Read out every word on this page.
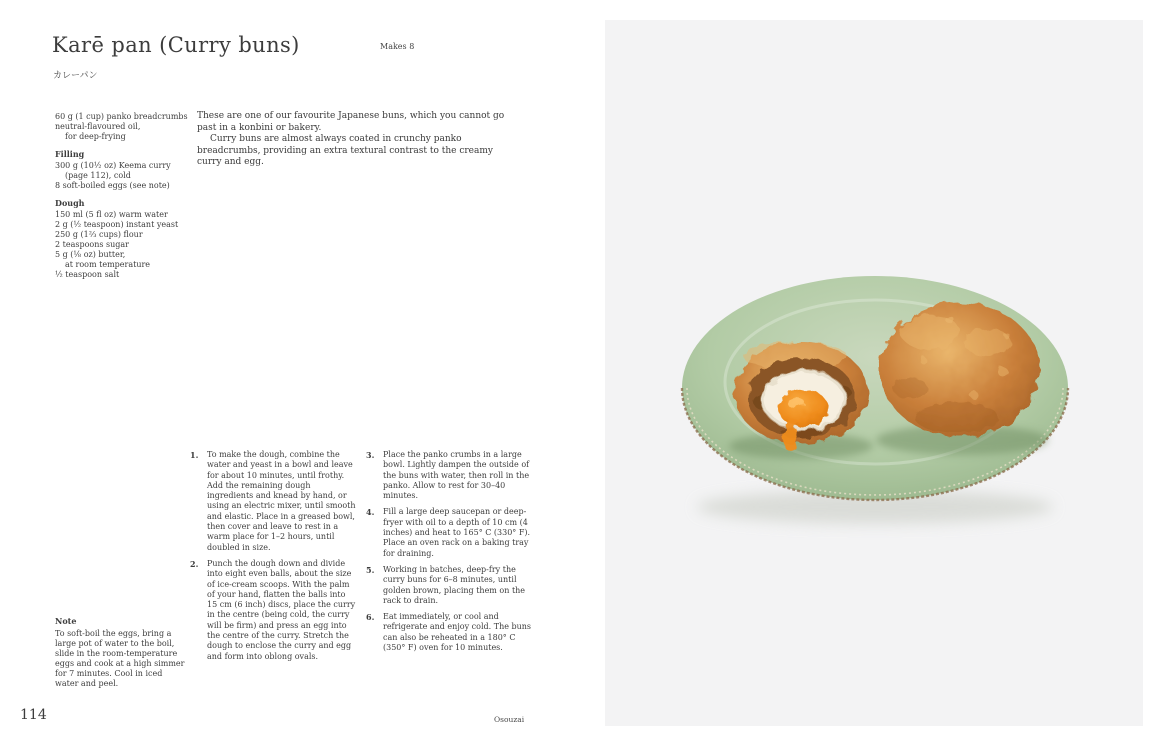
Karē pan (Curry buns)	Makes 8
カレーパン
60 g (1 cup) panko breadcrumbs
neutral-flavoured oil,
for deep-frying
Filling
300 g (10½ oz) Keema curry
(page 112), cold
8 soft-boiled eggs (see note)
Dough
150 ml (5 fl oz) warm water
2 g (½ teaspoon) instant yeast
250 g (1⅔ cups) flour
2 teaspoons sugar
5 g (⅛ oz) butter,
at room temperature
½ teaspoon salt

These are one of our favourite Japanese buns, which you cannot go past in a konbini or bakery.

Curry buns are almost always coated in crunchy panko breadcrumbs, providing an extra textural contrast to the creamy curry and egg.

1.	To make the dough, combine the water and yeast in a bowl and leave for about 10 minutes, until frothy. Add the remaining dough ingredients and knead by hand, or using an electric mixer, until smooth and elastic. Place in a greased bowl, then cover and leave to rest in a warm place for 1–2 hours, until doubled in size.
2.	Punch the dough down and divide into eight even balls, about the size of ice-cream scoops. With the palm of your hand, flatten the balls into 15 cm (6 inch) discs, place the curry in the centre (being cold, the curry will be firm) and press an egg into the centre of the curry. Stretch the dough to enclose the curry and egg and form into oblong ovals.
3.	Place the panko crumbs in a large bowl. Lightly dampen the outside of the buns with water, then roll in the panko. Allow to rest for 30–40 minutes.
4.	Fill a large deep saucepan or deep-fryer with oil to a depth of 10 cm (4 inches) and heat to 165° C (330° F). Place an oven rack on a baking tray for draining.
5.	Working in batches, deep-fry the curry buns for 6–8 minutes, until golden brown, placing them on the rack to drain.
6.	Eat immediately, or cool and refrigerate and enjoy cold. The buns can also be reheated in a 180° C (350° F) oven for 10 minutes.
Note
To soft-boil the eggs, bring a large pot of water to the boil, slide in the room-temperature eggs and cook at a high simmer for 7 minutes. Cool in iced water and peel.
114	Osouzai
